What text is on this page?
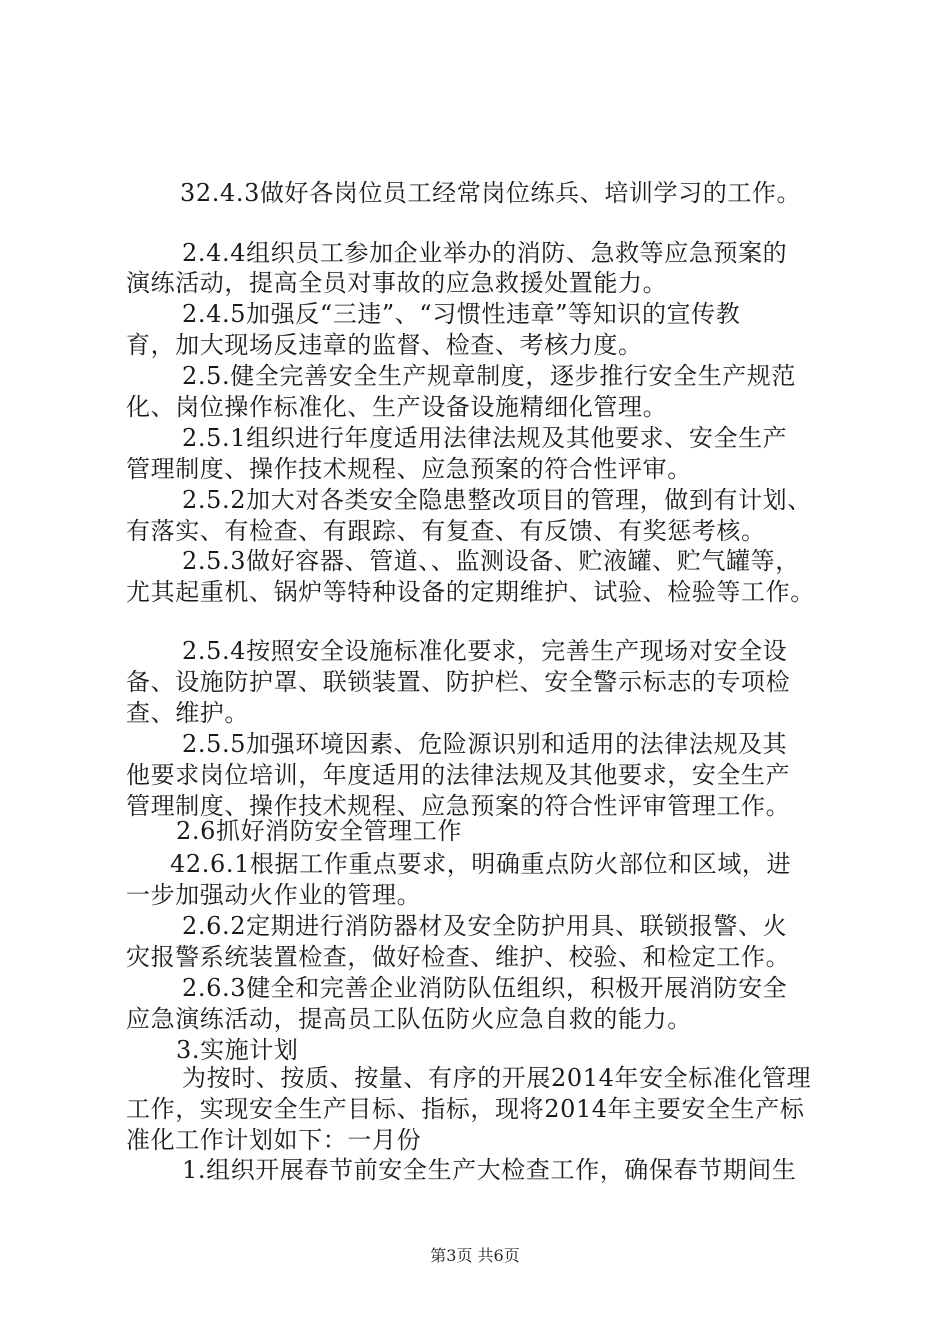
32.4.3做好各岗位员工经常岗位练兵、培训学习的工作。
2.4.4组织员工参加企业举办的消防、急救等应急预案的
演练活动，提高全员对事故的应急救援处置能力。
2.4.5加强反“三违”、“习惯性违章”等知识的宣传教
育，加大现场反违章的监督、检查、考核力度。
2.5.健全完善安全生产规章制度，逐步推行安全生产规范
化、岗位操作标准化、生产设备设施精细化管理。
2.5.1组织进行年度适用法律法规及其他要求、安全生产
管理制度、操作技术规程、应急预案的符合性评审。
2.5.2加大对各类安全隐患整改项目的管理，做到有计划、
有落实、有检查、有跟踪、有复查、有反馈、有奖惩考核。
2.5.3做好容器、管道、、监测设备、贮液罐、贮气罐等，
尤其起重机、锅炉等特种设备的定期维护、试验、检验等工作。
2.5.4按照安全设施标准化要求，完善生产现场对安全设
备、设施防护罩、联锁装置、防护栏、安全警示标志的专项检
查、维护。
2.5.5加强环境因素、危险源识别和适用的法律法规及其
他要求岗位培训，年度适用的法律法规及其他要求，安全生产
管理制度、操作技术规程、应急预案的符合性评审管理工作。
2.6抓好消防安全管理工作
42.6.1根据工作重点要求，明确重点防火部位和区域，进
一步加强动火作业的管理。
2.6.2定期进行消防器材及安全防护用具、联锁报警、火
灾报警系统装置检查，做好检查、维护、校验、和检定工作。
2.6.3健全和完善企业消防队伍组织，积极开展消防安全
应急演练活动，提高员工队伍防火应急自救的能力。
3.实施计划
为按时、按质、按量、有序的开展2014年安全标准化管理
工作，实现安全生产目标、指标，现将2014年主要安全生产标
准化工作计划如下：一月份
1.组织开展春节前安全生产大检查工作，确保春节期间生
第3页 共6页
